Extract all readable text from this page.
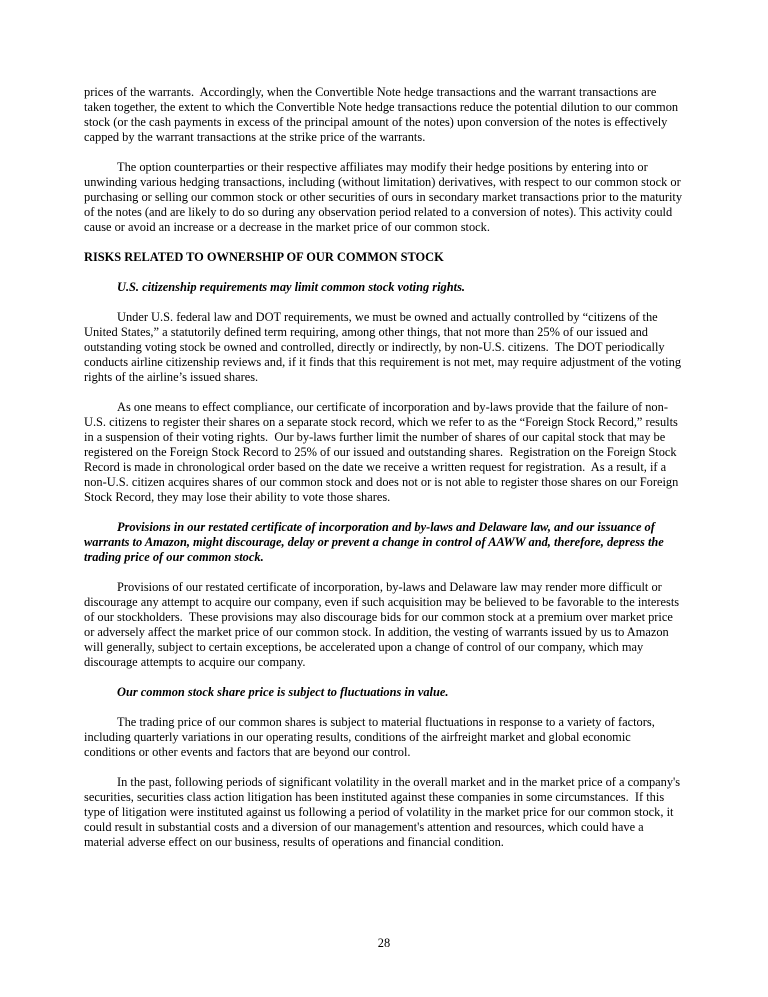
prices of the warrants.  Accordingly, when the Convertible Note hedge transactions and the warrant transactions are taken together, the extent to which the Convertible Note hedge transactions reduce the potential dilution to our common stock (or the cash payments in excess of the principal amount of the notes) upon conversion of the notes is effectively capped by the warrant transactions at the strike price of the warrants.

The option counterparties or their respective affiliates may modify their hedge positions by entering into or unwinding various hedging transactions, including (without limitation) derivatives, with respect to our common stock or purchasing or selling our common stock or other securities of ours in secondary market transactions prior to the maturity of the notes (and are likely to do so during any observation period related to a conversion of notes). This activity could cause or avoid an increase or a decrease in the market price of our common stock.

RISKS RELATED TO OWNERSHIP OF OUR COMMON STOCK

U.S. citizenship requirements may limit common stock voting rights.

Under U.S. federal law and DOT requirements, we must be owned and actually controlled by “citizens of the United States,” a statutorily defined term requiring, among other things, that not more than 25% of our issued and outstanding voting stock be owned and controlled, directly or indirectly, by non-U.S. citizens.  The DOT periodically conducts airline citizenship reviews and, if it finds that this requirement is not met, may require adjustment of the voting rights of the airline’s issued shares.

As one means to effect compliance, our certificate of incorporation and by-laws provide that the failure of non-U.S. citizens to register their shares on a separate stock record, which we refer to as the “Foreign Stock Record,” results in a suspension of their voting rights.  Our by-laws further limit the number of shares of our capital stock that may be registered on the Foreign Stock Record to 25% of our issued and outstanding shares.  Registration on the Foreign Stock Record is made in chronological order based on the date we receive a written request for registration.  As a result, if a non-U.S. citizen acquires shares of our common stock and does not or is not able to register those shares on our Foreign Stock Record, they may lose their ability to vote those shares.

Provisions in our restated certificate of incorporation and by-laws and Delaware law, and our issuance of warrants to Amazon, might discourage, delay or prevent a change in control of AAWW and, therefore, depress the trading price of our common stock.

Provisions of our restated certificate of incorporation, by-laws and Delaware law may render more difficult or discourage any attempt to acquire our company, even if such acquisition may be believed to be favorable to the interests of our stockholders.  These provisions may also discourage bids for our common stock at a premium over market price or adversely affect the market price of our common stock. In addition, the vesting of warrants issued by us to Amazon will generally, subject to certain exceptions, be accelerated upon a change of control of our company, which may discourage attempts to acquire our company.

Our common stock share price is subject to fluctuations in value.

The trading price of our common shares is subject to material fluctuations in response to a variety of factors, including quarterly variations in our operating results, conditions of the airfreight market and global economic conditions or other events and factors that are beyond our control.

In the past, following periods of significant volatility in the overall market and in the market price of a company's securities, securities class action litigation has been instituted against these companies in some circumstances.  If this type of litigation were instituted against us following a period of volatility in the market price for our common stock, it could result in substantial costs and a diversion of our management's attention and resources, which could have a material adverse effect on our business, results of operations and financial condition.

28
